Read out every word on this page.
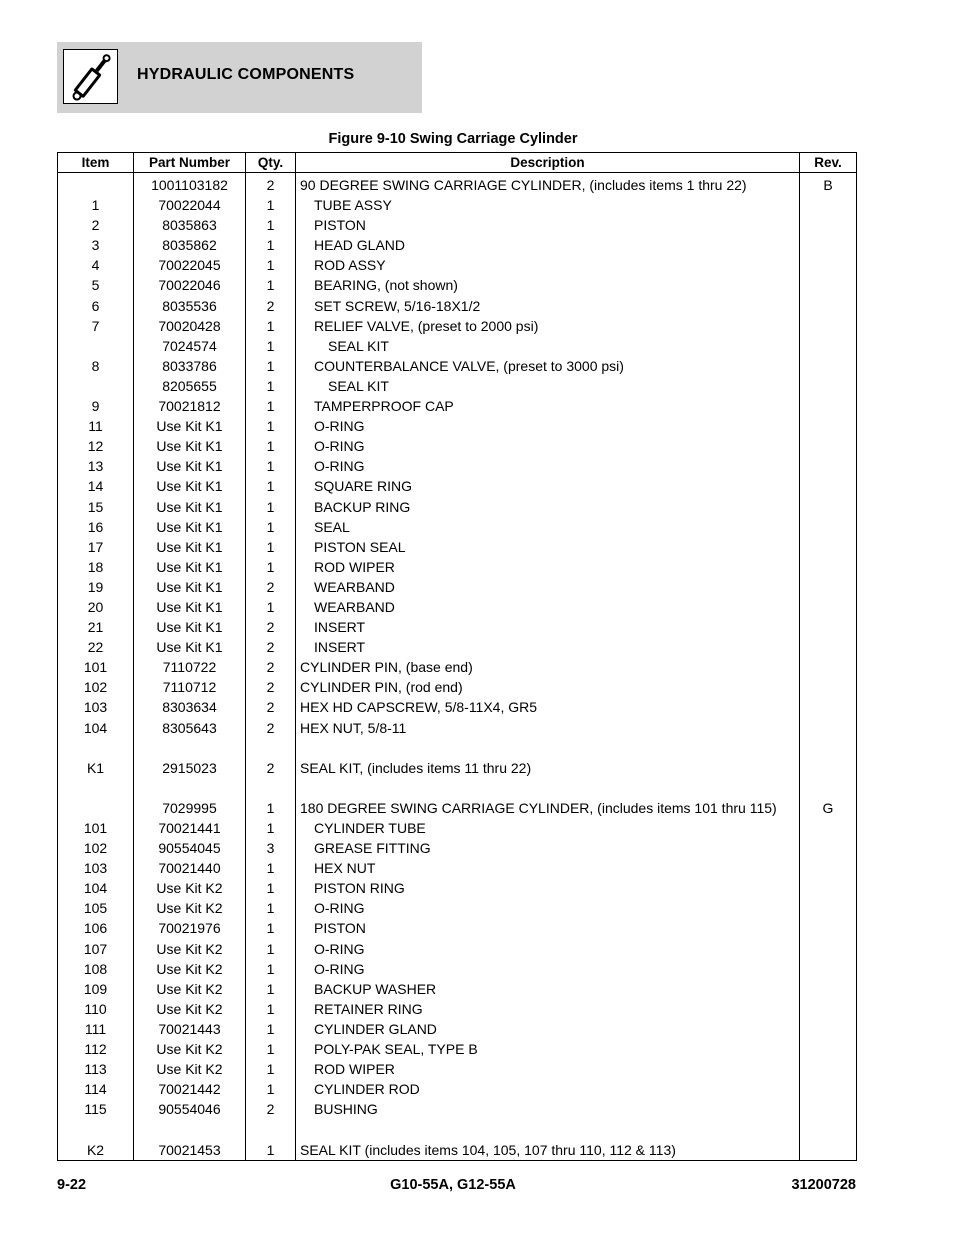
HYDRAULIC COMPONENTS
Figure 9-10 Swing Carriage Cylinder
Item	Part Number	Qty.	Description	Rev.
	1001103182	2	90 DEGREE SWING CARRIAGE CYLINDER, (includes items 1 thru 22)	B
1	70022044	1	TUBE ASSY	
2	8035863	1	PISTON	
3	8035862	1	HEAD GLAND	
4	70022045	1	ROD ASSY	
5	70022046	1	BEARING, (not shown)	
6	8035536	2	SET SCREW, 5/16-18X1/2	
7	70020428	1	RELIEF VALVE, (preset to 2000 psi)	
	7024574	1	SEAL KIT	
8	8033786	1	COUNTERBALANCE VALVE, (preset to 3000 psi)	
	8205655	1	SEAL KIT	
9	70021812	1	TAMPERPROOF CAP	
11	Use Kit K1	1	O-RING	
12	Use Kit K1	1	O-RING	
13	Use Kit K1	1	O-RING	
14	Use Kit K1	1	SQUARE RING	
15	Use Kit K1	1	BACKUP RING	
16	Use Kit K1	1	SEAL	
17	Use Kit K1	1	PISTON SEAL	
18	Use Kit K1	1	ROD WIPER	
19	Use Kit K1	2	WEARBAND	
20	Use Kit K1	1	WEARBAND	
21	Use Kit K1	2	INSERT	
22	Use Kit K1	2	INSERT	
101	7110722	2	CYLINDER PIN, (base end)	
102	7110712	2	CYLINDER PIN, (rod end)	
103	8303634	2	HEX HD CAPSCREW, 5/8-11X4, GR5	
104	8305643	2	HEX NUT, 5/8-11	

K1	2915023	2	SEAL KIT, (includes items 11 thru 22)	

	7029995	1	180 DEGREE SWING CARRIAGE CYLINDER, (includes items 101 thru 115)	G
101	70021441	1	CYLINDER TUBE	
102	90554045	3	GREASE FITTING	
103	70021440	1	HEX NUT	
104	Use Kit K2	1	PISTON RING	
105	Use Kit K2	1	O-RING	
106	70021976	1	PISTON	
107	Use Kit K2	1	O-RING	
108	Use Kit K2	1	O-RING	
109	Use Kit K2	1	BACKUP WASHER	
110	Use Kit K2	1	RETAINER RING	
111	70021443	1	CYLINDER GLAND	
112	Use Kit K2	1	POLY-PAK SEAL, TYPE B	
113	Use Kit K2	1	ROD WIPER	
114	70021442	1	CYLINDER ROD	
115	90554046	2	BUSHING	

K2	70021453	1	SEAL KIT (includes items 104, 105, 107 thru 110, 112 & 113)	
9-22	G10-55A, G12-55A	31200728
